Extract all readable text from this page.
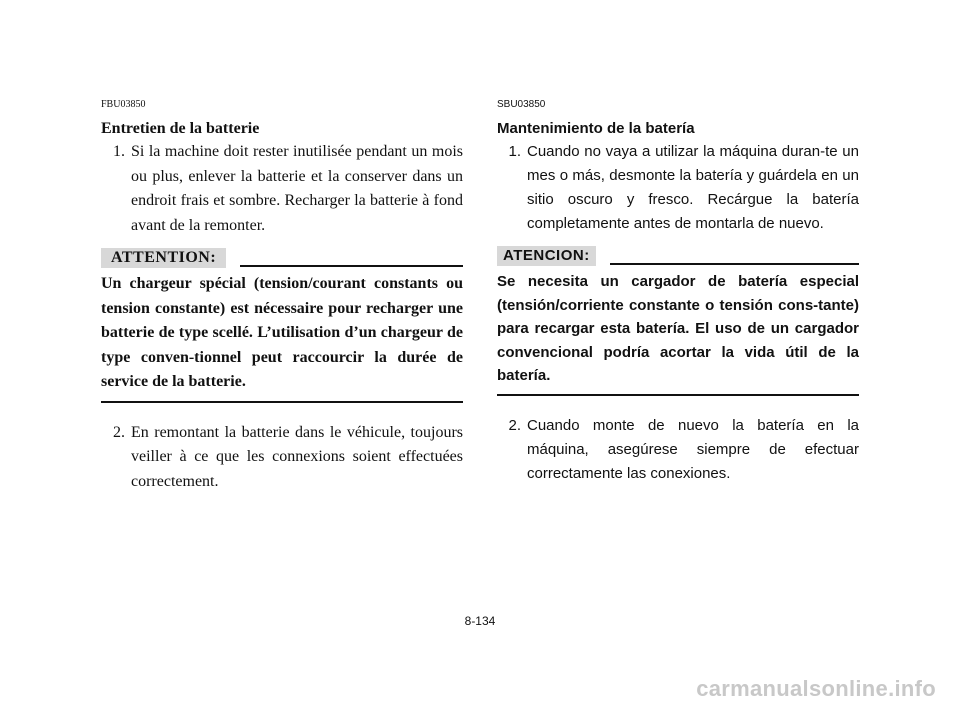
FBU03850
Entretien de la batterie
1. Si la machine doit rester inutilisée pendant un mois ou plus, enlever la batterie et la conserver dans un endroit frais et sombre. Recharger la batterie à fond avant de la remonter.
ATTENTION:
Un chargeur spécial (tension/courant constants ou tension constante) est nécessaire pour recharger une batterie de type scellé. L’utilisation d’un chargeur de type conven-tionnel peut raccourcir la durée de service de la batterie.
2. En remontant la batterie dans le véhicule, toujours veiller à ce que les connexions soient effectuées correctement.
SBU03850
Mantenimiento de la batería
1. Cuando no vaya a utilizar la máquina duran-te un mes o más, desmonte la batería y guárdela en un sitio oscuro y fresco. Recárgue la batería completamente antes de montarla de nuevo.
ATENCION:
Se necesita un cargador de batería especial (tensión/corriente constante o tensión cons-tante) para recargar esta batería. El uso de un cargador convencional podría acortar la vida útil de la batería.
2. Cuando monte de nuevo la batería en la máquina, asegúrese siempre de efectuar correctamente las conexiones.
8-134
carmanualsonline.info
